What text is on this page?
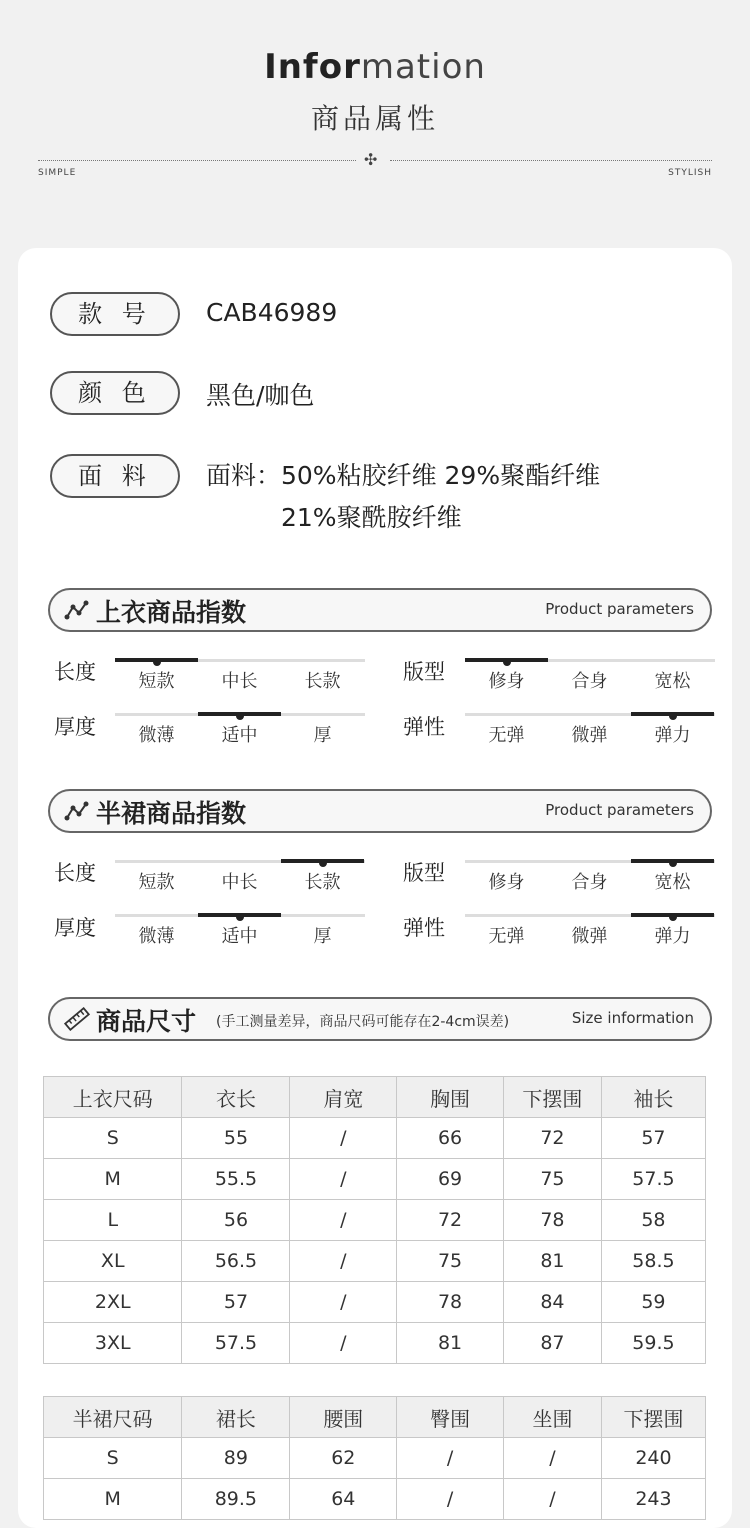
Information
商品属性
✣
SIMPLE	STYLISH
款 号	CAB46989
颜 色	黑色/咖色
面 料	面料：50%粘胶纤维 29%聚酯纤维
21%聚酰胺纤维
上衣商品指数	Product parameters
长度	短款	中长	长款	版型	修身	合身	宽松
厚度	微薄	适中	厚	弹性	无弹	微弹	弹力
半裙商品指数	Product parameters
长度	短款	中长	长款	版型	修身	合身	宽松
厚度	微薄	适中	厚	弹性	无弹	微弹	弹力
商品尺寸 (手工测量差异，商品尺码可能存在2-4cm误差)	Size information
上衣尺码	衣长	肩宽	胸围	下摆围	袖长
S	55	/	66	72	57
M	55.5	/	69	75	57.5
L	56	/	72	78	58
XL	56.5	/	75	81	58.5
2XL	57	/	78	84	59
3XL	57.5	/	81	87	59.5
半裙尺码	裙长	腰围	臀围	坐围	下摆围
S	89	62	/	/	240
M	89.5	64	/	/	243
